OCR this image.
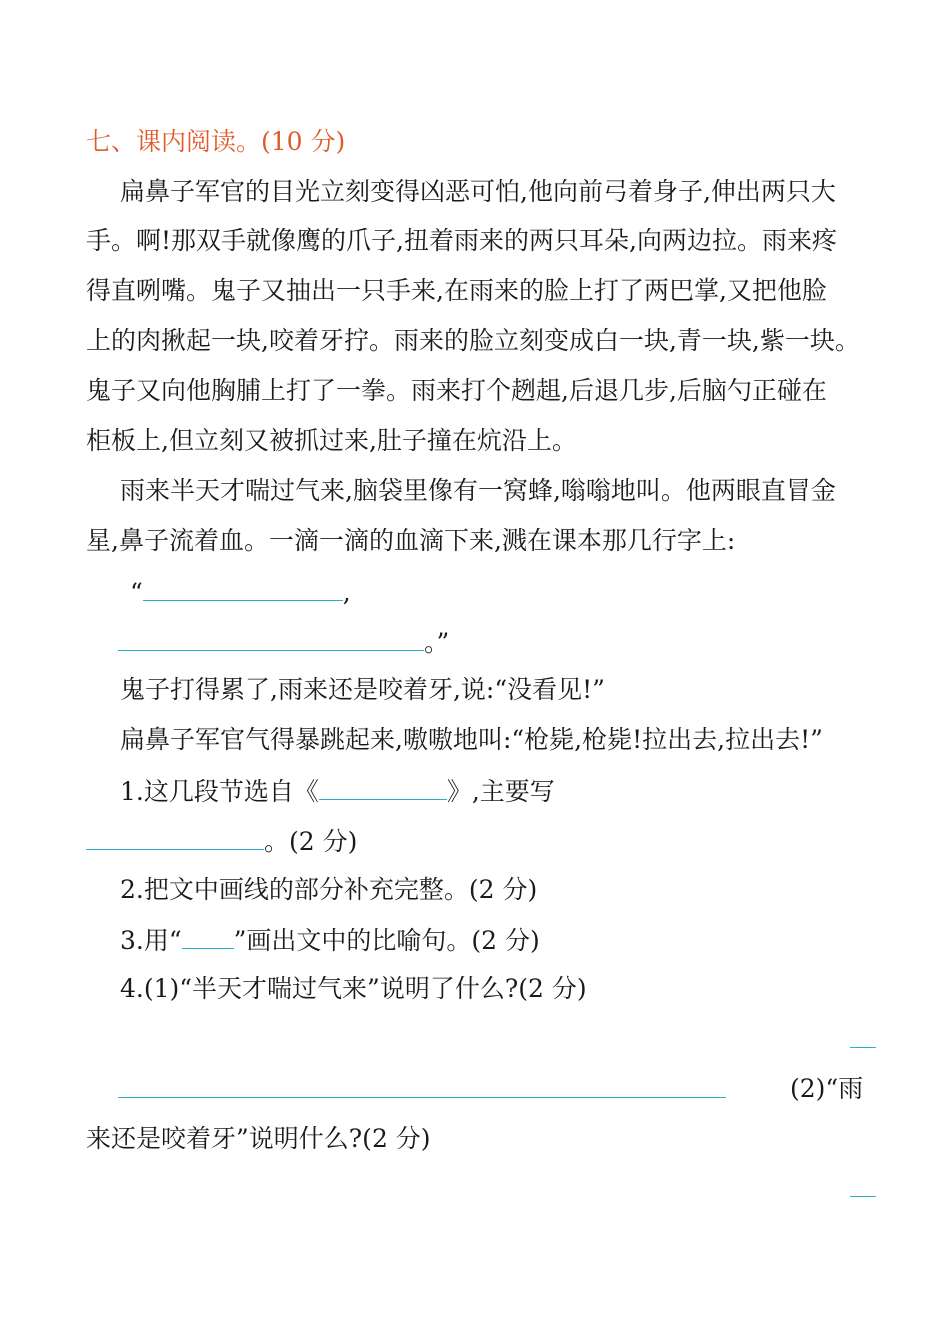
七、课内阅读。(10 分)
扁鼻子军官的目光立刻变得凶恶可怕,他向前弓着身子,伸出两只大
手。啊!那双手就像鹰的爪子,扭着雨来的两只耳朵,向两边拉。雨来疼
得直咧嘴。鬼子又抽出一只手来,在雨来的脸上打了两巴掌,又把他脸
上的肉揪起一块,咬着牙拧。雨来的脸立刻变成白一块,青一块,紫一块。
鬼子又向他胸脯上打了一拳。雨来打个趔趄,后退几步,后脑勺正碰在
柜板上,但立刻又被抓过来,肚子撞在炕沿上。
雨来半天才喘过气来,脑袋里像有一窝蜂,嗡嗡地叫。他两眼直冒金
星,鼻子流着血。一滴一滴的血滴下来,溅在课本那几行字上:
“	,
。”
鬼子打得累了,雨来还是咬着牙,说:“没看见!”
扁鼻子军官气得暴跳起来,嗷嗷地叫:“枪毙,枪毙!拉出去,拉出去!”
1.这几段节选自《	》,主要写
。(2 分)
2.把文中画线的部分补充完整。(2 分)
3.用“ ”画出文中的比喻句。(2 分)
4.(1)“半天才喘过气来”说明了什么?(2 分)
(2)“雨
来还是咬着牙”说明什么?(2 分)
